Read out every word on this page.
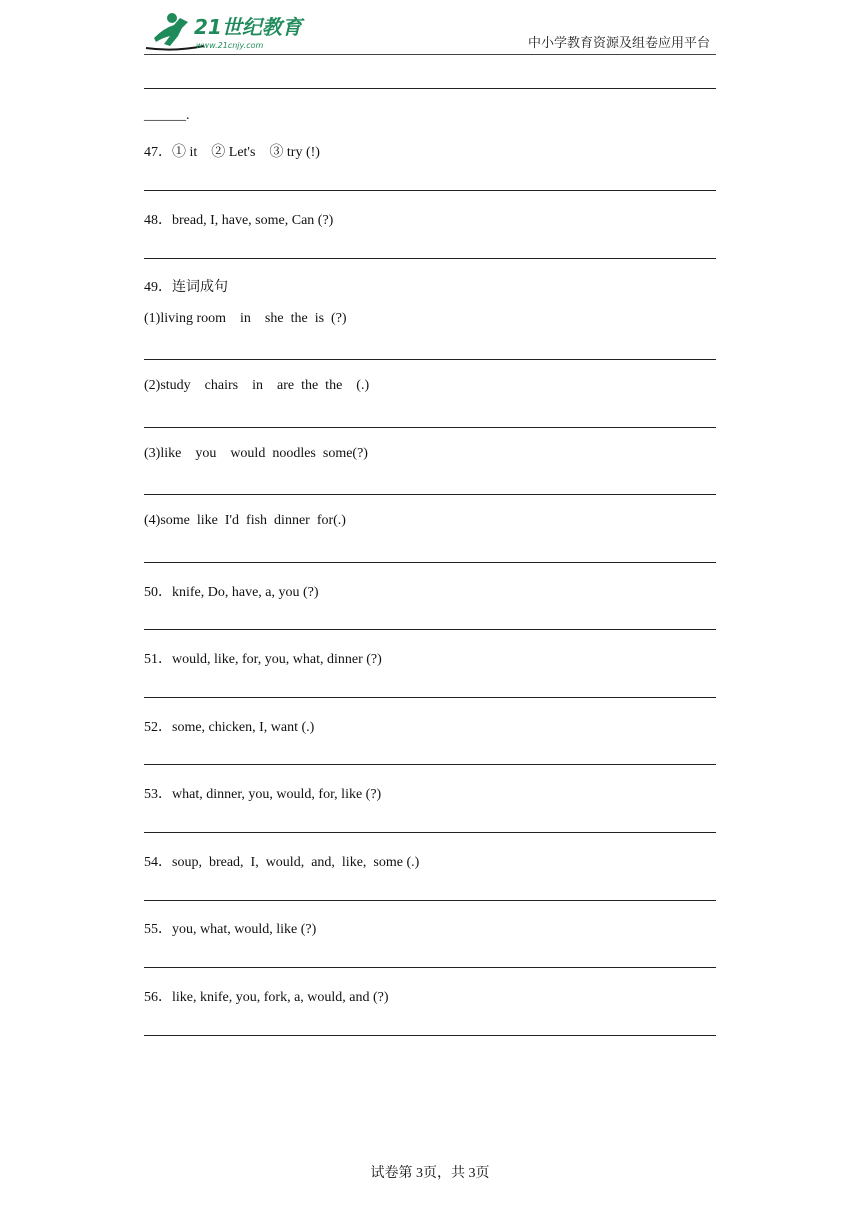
21世纪教育
www.21cnjy.com	中小学教育资源及组卷应用平台
______.
47．① it    ② Let's    ③ try (!)
48．bread, I, have, some, Can (?)
49．连词成句
(1)living room    in    she  the  is  (?)
(2)study    chairs    in    are  the  the    (.)
(3)like    you    would  noodles  some(?)
(4)some  like  I'd  fish  dinner  for(.)
50．knife, Do, have, a, you (?)
51．would, like, for, you, what, dinner (?)
52．some, chicken, I, want (.)
53．what, dinner, you, would, for, like (?)
54．soup,  bread,  I,  would,  and,  like,  some (.)
55．you, what, would, like (?)
56．like, knife, you, fork, a, would, and (?)
试卷第 3页，共 3页
